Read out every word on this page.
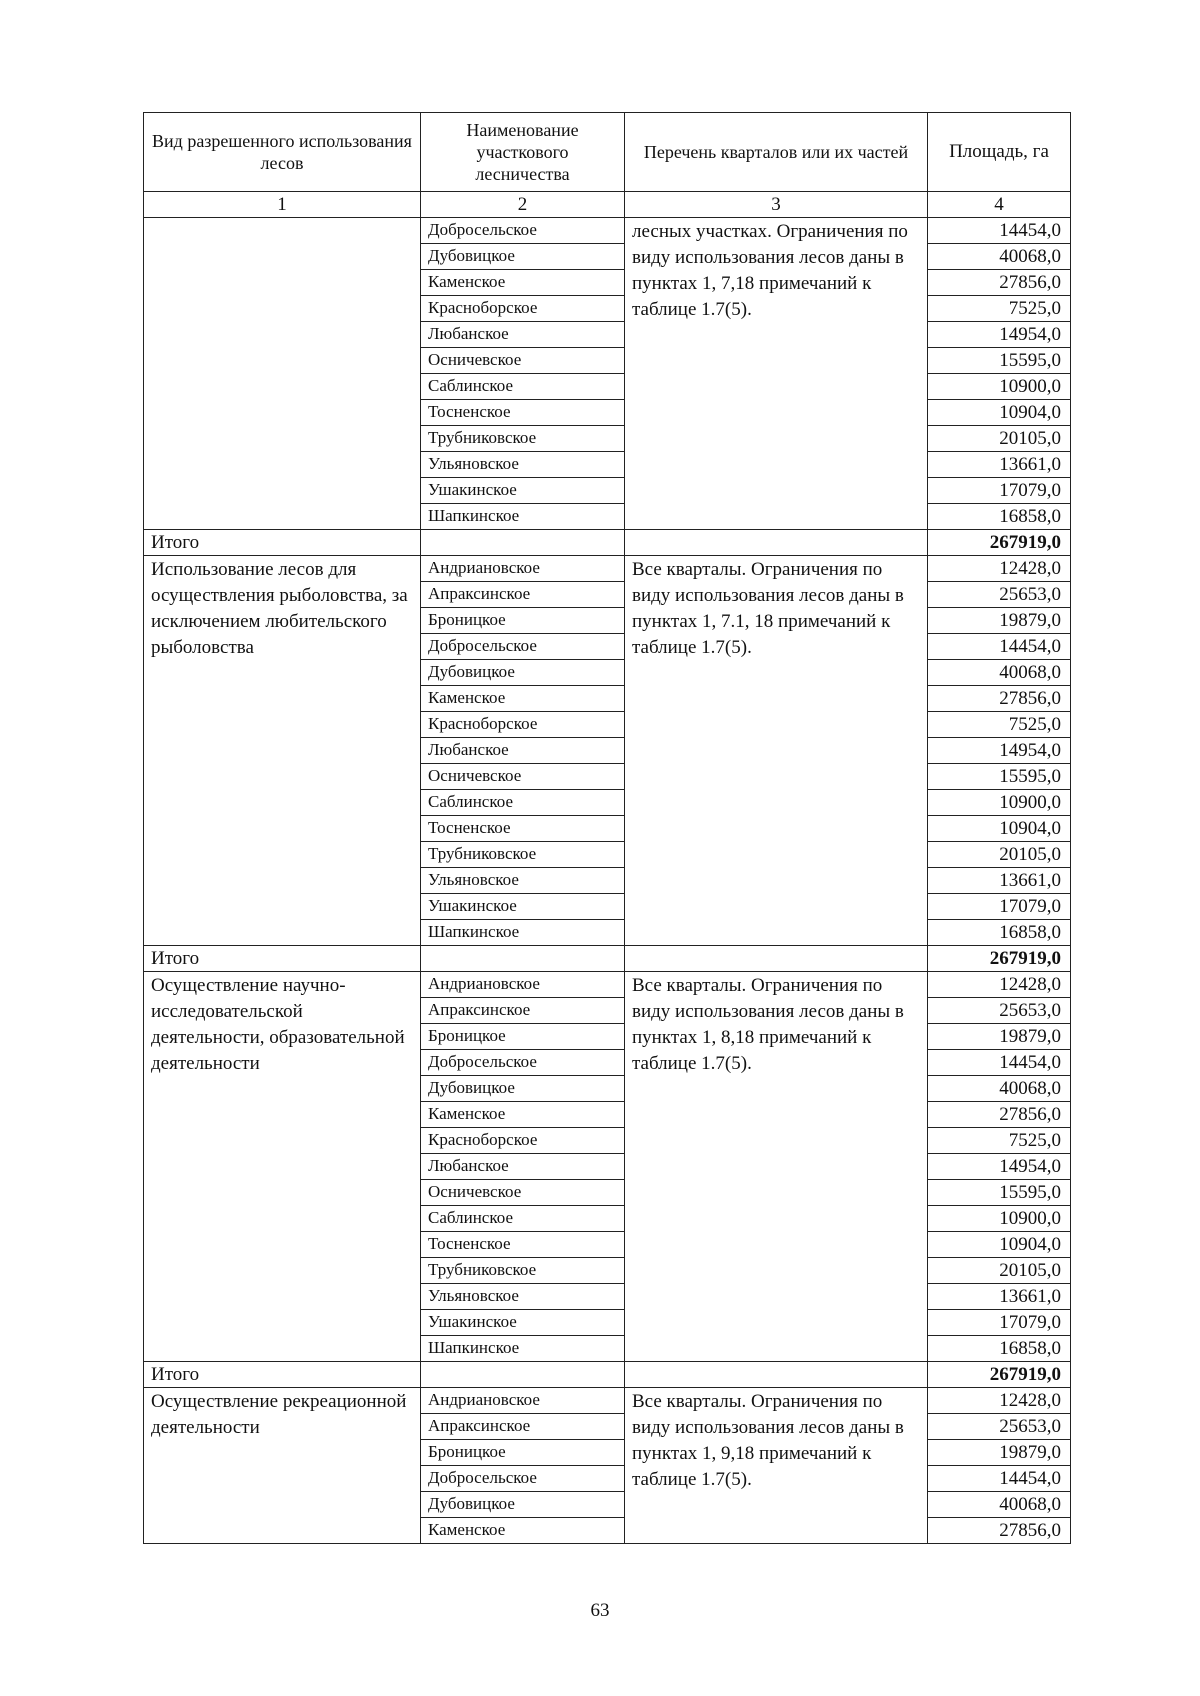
Вид разрешенного использования лесов	Наименование участкового лесничества	Перечень кварталов или их частей	Площадь, га
1	2	3	4
	Добросельское	лесных участках. Ограничения по виду использования лесов даны в пунктах 1, 7,18 примечаний к таблице 1.7(5).	14454,0
	Дубовицкое		40068,0
	Каменское		27856,0
	Красноборское		7525,0
	Любанское		14954,0
	Осничевское		15595,0
	Саблинское		10900,0
	Тосненское		10904,0
	Трубниковское		20105,0
	Ульяновское		13661,0
	Ушакинское		17079,0
	Шапкинское		16858,0
Итого			267919,0
Использование лесов для осуществления рыболовства, за исключением любительского рыболовства	Андриановское	Все кварталы. Ограничения по виду использования лесов даны в пунктах 1, 7.1, 18 примечаний к таблице 1.7(5).	12428,0
	Апраксинское		25653,0
	Броницкое		19879,0
	Добросельское		14454,0
	Дубовицкое		40068,0
	Каменское		27856,0
	Красноборское		7525,0
	Любанское		14954,0
	Осничевское		15595,0
	Саблинское		10900,0
	Тосненское		10904,0
	Трубниковское		20105,0
	Ульяновское		13661,0
	Ушакинское		17079,0
	Шапкинское		16858,0
Итого			267919,0
Осуществление научно-исследовательской деятельности, образовательной деятельности	Андриановское	Все кварталы. Ограничения по виду использования лесов даны в пунктах 1, 8,18 примечаний к таблице 1.7(5).	12428,0
	Апраксинское		25653,0
	Броницкое		19879,0
	Добросельское		14454,0
	Дубовицкое		40068,0
	Каменское		27856,0
	Красноборское		7525,0
	Любанское		14954,0
	Осничевское		15595,0
	Саблинское		10900,0
	Тосненское		10904,0
	Трубниковское		20105,0
	Ульяновское		13661,0
	Ушакинское		17079,0
	Шапкинское		16858,0
Итого			267919,0
Осуществление рекреационной деятельности	Андриановское	Все кварталы. Ограничения по виду использования лесов даны в пунктах 1, 9,18 примечаний к таблице 1.7(5).	12428,0
	Апраксинское		25653,0
	Броницкое		19879,0
	Добросельское		14454,0
	Дубовицкое		40068,0
	Каменское		27856,0
63
